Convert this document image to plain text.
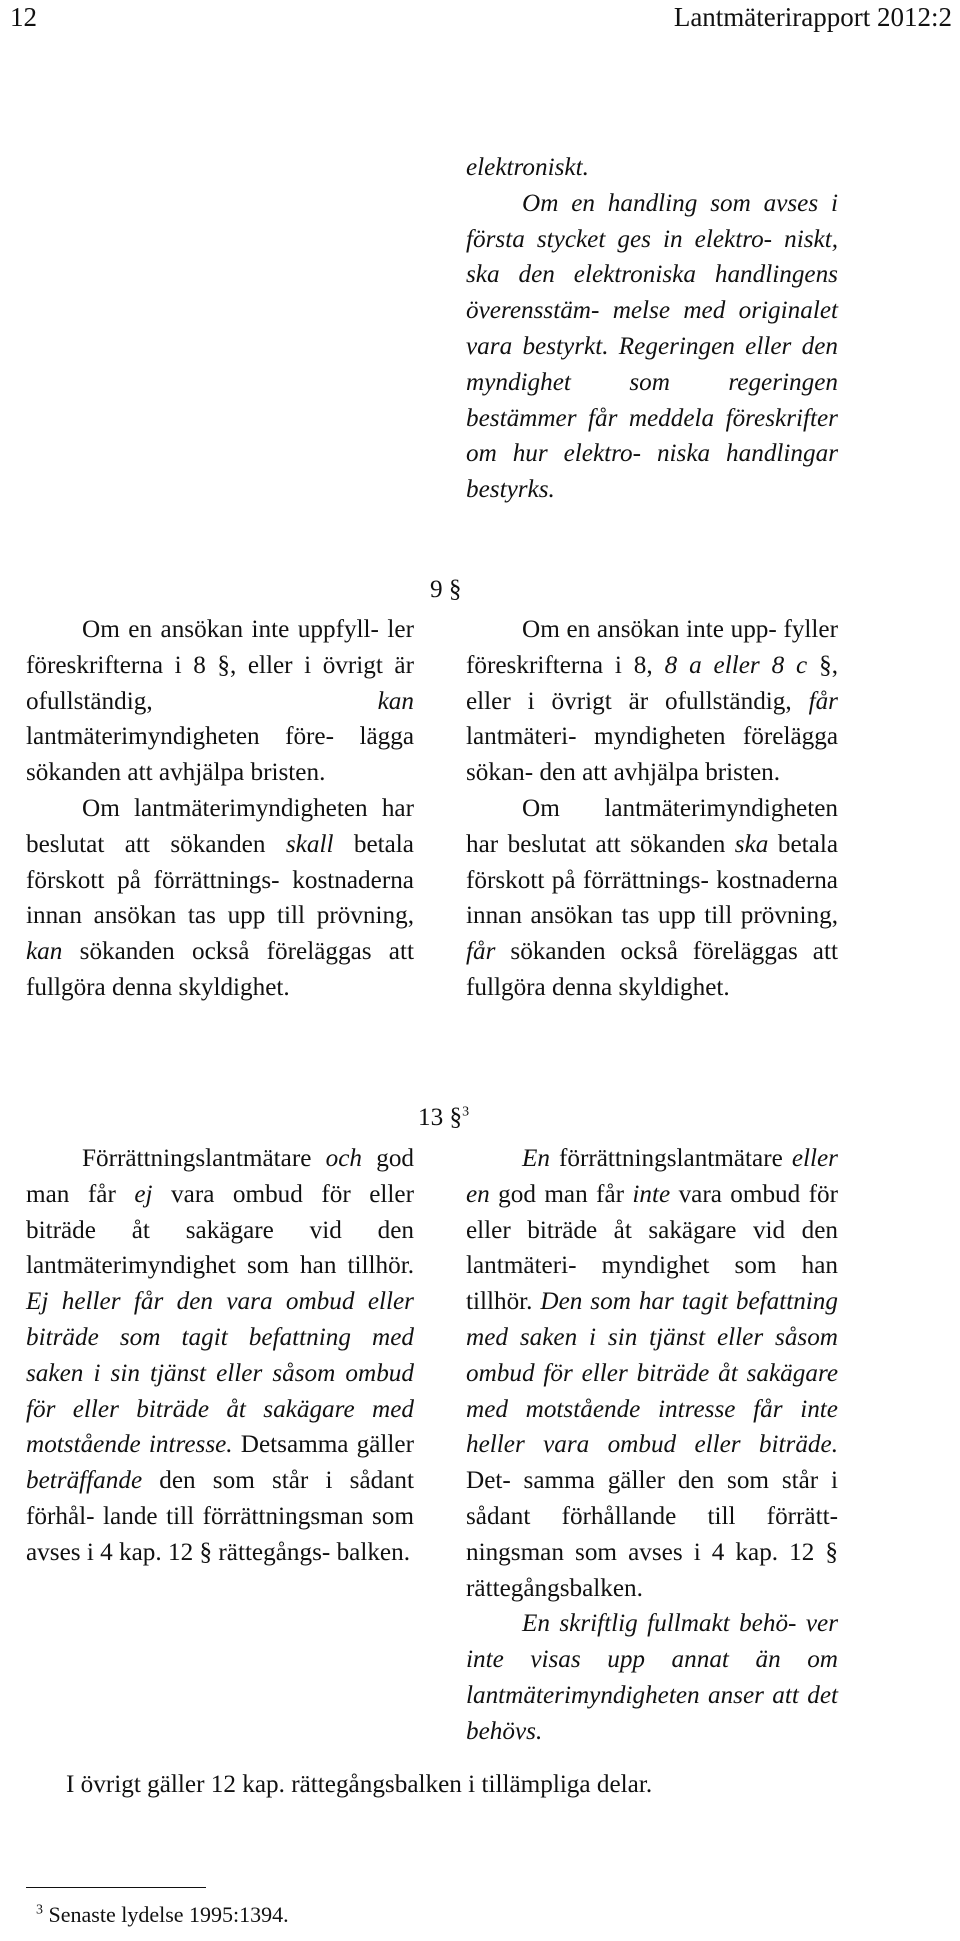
12	Lantmäterirapport 2012:2

elektroniskt.

Om en handling som avses i första stycket ges in elektro- niskt, ska den elektroniska handlingens överensstäm- melse med originalet vara bestyrkt. Regeringen eller den myndighet som regeringen bestämmer får meddela föreskrifter om hur elektro- niska handlingar bestyrks.

9 §

Om en ansökan inte uppfyll- ler föreskrifterna i 8 §, eller i övrigt är ofullständig, kan lantmäterimyndigheten före- lägga sökanden att avhjälpa bristen.

Om lantmäterimyndigheten har beslutat att sökanden skall betala förskott på förrättnings- kostnaderna innan ansökan tas upp till prövning, kan sökanden också föreläggas att fullgöra denna skyldighet.

Om en ansökan inte upp- fyller föreskrifterna i 8, 8 a eller 8 c §, eller i övrigt är ofullständig, får lantmäteri- myndigheten förelägga sökan- den att avhjälpa bristen.

Om lantmäterimyndigheten har beslutat att sökanden ska betala förskott på förrättnings- kostnaderna innan ansökan tas upp till prövning, får sökanden också föreläggas att fullgöra denna skyldighet.

13 §$^3$

Förrättningslantmätare och god man får ej vara ombud för eller biträde åt sakägare vid den lantmäterimyndighet som han tillhör. Ej heller får den vara ombud eller biträde som tagit befattning med saken i sin tjänst eller såsom ombud för eller biträde åt sakägare med motstående intresse. Detsamma gäller beträffande den som står i sådant förhål- lande till förrättningsman som avses i 4 kap. 12 § rättegångs- balken.

En förrättningslantmätare eller en god man får inte vara ombud för eller biträde åt sakägare vid den lantmäteri- myndighet som han tillhör. Den som har tagit befattning med saken i sin tjänst eller såsom ombud för eller biträde åt sakägare med motstående intresse får inte heller vara ombud eller biträde. Det- samma gäller den som står i sådant förhållande till förrätt- ningsman som avses i 4 kap. 12 § rättegångsbalken.

En skriftlig fullmakt behö- ver inte visas upp annat än om lantmäterimyndigheten anser att det behövs.

I övrigt gäller 12 kap. rättegångsbalken i tillämpliga delar.
$^3$ Senaste lydelse 1995:1394.
